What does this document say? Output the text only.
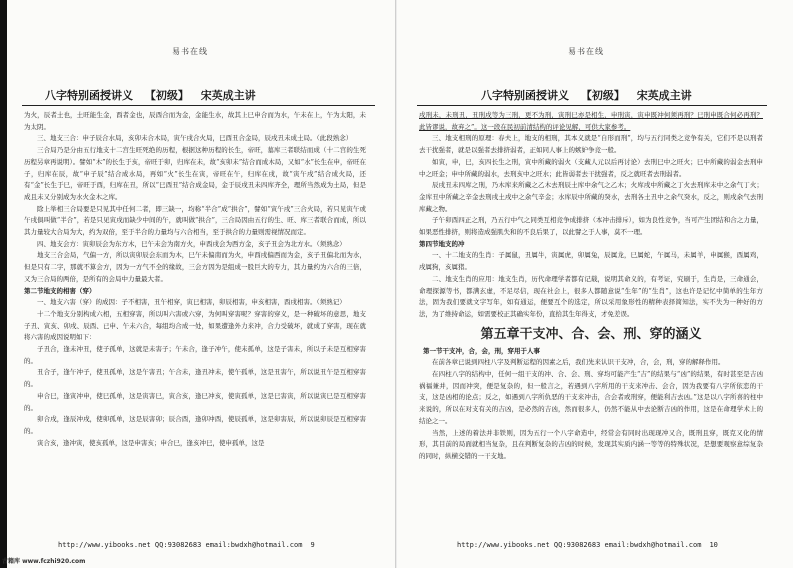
易书在线
八字特别函授讲义 【初级】 宋英成主讲

为火，辰者土也，土旺能生金，酉者金也，辰酉合而为金，金能生水，故其上巳申合而为水，午未在上，午为太阳，未为太阴。

三、地支三合：申子辰合水局，亥卯未合木局，寅午戌合火局，巳酉丑合金局，辰戌丑未成土局。（此段熟念）

三合局乃是分由五行地支十二宫生旺死绝的历程，根据这种历程的长生，帝旺，墓库三者联结而成（十二宫的生死历程另章再说明）。譬如“木”的长生于亥，帝旺于卯，归库在未，故“亥卯未”结合而成木局，又如“水”长生在申，帝旺在子，归库在辰，故“申子辰”结合成水局，再如“火”长生在寅，帝旺在午，归库在戌，故“寅午戌”结合成火局，还有“金”长生于巳，帝旺于酉，归库在丑，所以“巳酉丑”结合成金局，金于辰戌丑未四库齐全，理所当然成为土局，但是成且未又分别成为水火金木之库。

除上举相三合局要是只见其中任何二者，即三缺一，均称“半合”成“拱合”，譬如“寅午戌”三合火局，若只见寅午或午戌俱叫做“半合”，若是只见寅戌而缺少中间的午，就叫做“拱合”，三合局因由五行的生、旺、库三者联合而成，所以其力量较大合局为大，约为双倍，至于半合的力量均与六合相当，至于拱合的力量则需视情况而定。

四、地支会方：寅卯辰会为东方木，巳午未会为南方火，申酉戌会为西方金，亥子丑会为北方水。（须熟念）

地支三合会局，气偏一方，所以寅卯辰会东而为木，巳午未偏南而为火，申酉戌偏西而为金，亥子丑偏北而为水，但是只有二字，那就不算会方，因为一方气不全的缘故，三会方因为是组成一股巨大的专力，其力量约为六合的三倍，又为三合局的两倍，是所有的会局中力量最大者。

第二节地支的相害（穿）

一、地支六害（穿）的成因：子不相害，丑午相穿，寅巳相害，卯辰相害，申亥相害，酉戌相害。（须熟记）

十二个地支分别构成六相，五相穿害，所以叫六害或六穿，为何叫穿害呢？穿害的穿义，是一种破坏的意思，地支子丑、寅亥、卯戌、辰酉、已申、午未六合，每组均合成一处，如果遭逢外力来冲，合力受破坏，就成了穿害，现在就将六害的成因说明如下：

子丑合，逢未冲丑，使子孤单，这就是未害子；午未合，逢子冲午，使未孤单，这是子害未，所以子未是互相穿害的。

丑合子，逢午冲子，使丑孤单，这是午害丑；午合未，逢丑冲未，使午孤单，这是丑害午，所以说丑午是互相穿害的。

申合巳，逢寅冲申，使巳孤单，这是寅害巳，寅合亥，逢巳冲亥，使寅孤单，这是巳害寅，所以说寅巳是互相穿害的。

卯合戌，逢辰冲戌，使卯孤单，这是辰害卯；辰合酉，逢卯冲酉，使辰孤单，这是卯害辰，所以说卯辰是互相穿害的。

寅合亥，逢冲寅，使亥孤单，这是申害亥；申合巳，逢亥冲巳，使申孤单，这是

http://www.yibooks.net QQ:93082683 email:bwdxh@hotmail.com 9
易书在线
八字特别函授讲义 【初级】 宋英成主讲

戌刑未，未刑丑，丑刑戌等为三刑，更不为刑，寅刑巳亦是相生，申刑寅，寅申既冲何须再刑？巳刑申既合何必再刑？此皆谬说，故弃之”。这一段在民初前清结构的评论见解，可供大家参考。

三、地支相刑的原理：春夫上，地支的相刑，其本义就是“自形而刑”，均与五行同类之竞争有关，它们不是以刑者去干扰强者，就是以强者去排挤弱者，正如同人事上的嫉妒争竞一般。

如寅，申，巳，亥四长生之刑，寅中所藏的弱火（支藏人元以后再讨论）去刑巳中之旺火；巳中所藏的弱金去刑申中之旺金；申中所藏的弱水，去刑亥中之旺水；此皆弱者去干扰强者，反之就旺者去刑弱者。

辰戌丑未四库之刑，乃木库来所藏之乙木去刑辰土库中余气之乙木；火库戌中所藏之丁火去刑库未中之余气丁火；金库丑中所藏之辛金去刑戌土戌中之余气辛金；水库辰中所藏的癸水，去刑各土丑中之余气癸水，反之，则戌余气去刑库藏之物。

子午卯酉四正之刑，乃五行中气之同类互相竞争成排挤（本冲击排斥），如为良性竞争，当可产生团结和合之力量，如果恶性排挤，则将造成强肌失和的不良后果了，以此譬之于人事，莫不一理。

第四节地支的冲

一、十二地支的生肖：子属鼠，丑属牛，寅属虎，卯属兔，辰属龙，巳属蛇，午属马，未属羊，申属猴，酉属鸡，戌属狗，亥属猪。

二、地支生肖的应用：地支生肖，历代命理学者都有记载，说明其命义的，有考证，究刷于，生肖是，三命通会，命理探源等书，都满玄虚，不足尽信，现在社会上，很多人都随意说“生年”的“生肖”，这也许是记忆中简单的生年方法，固为我们要就文字写年，如有通运，便要互个的选定，所以采用象形性的精种表择简知法，实不失为一种好的方法，为了维持命运，如需要校正其确实年份，直拾其生年得支，才免差误。

第五章干支冲、合、会、刑、穿的涵义

第一节干支冲，合，会，刑，穿用于人事

在前各章已说到四柱八字及判断运程的因素之后，我们先来认识干支冲，合，会，刑，穿的解释作用。

在四柱八字的结构中，任何一组干支的冲、合、会、刑、穿均可能产生“吉”的结果与“凶”的结果，有时甚至是吉凶祸福兼并，因而冲突，便是复杂的，但一般言之，若遇到八字所用的干支来冲击、会合，因为我要有八字所依恋的干支，这是凶相的论点；反之，如遇到八字所仇恶的干支来冲击，合会者或刑穿，便能利吉去凶。”这是以八字所喜的柱中来说的，所以在对支有关的吉凶，是必然的吉凶，然而很多人，仍然不能从中去论断吉凶的作用，这是在命理学术上的结论之一。

当然，上述的着法并非铁则，因为五行一个八字命造中，经常会有同时出现现冲又合，既刑且穿，既克又化的情形，其目前的局面就相当复杂，且在判断复杂的吉凶的时候，发现其实质内涵一等等的特殊状况，是想要观察意综复杂的同时，纵横交错的一干支地。

http://www.yibooks.net QQ:93082683 email:bwdxh@hotmail.com 10
古籍库 www.fczhi920.com
